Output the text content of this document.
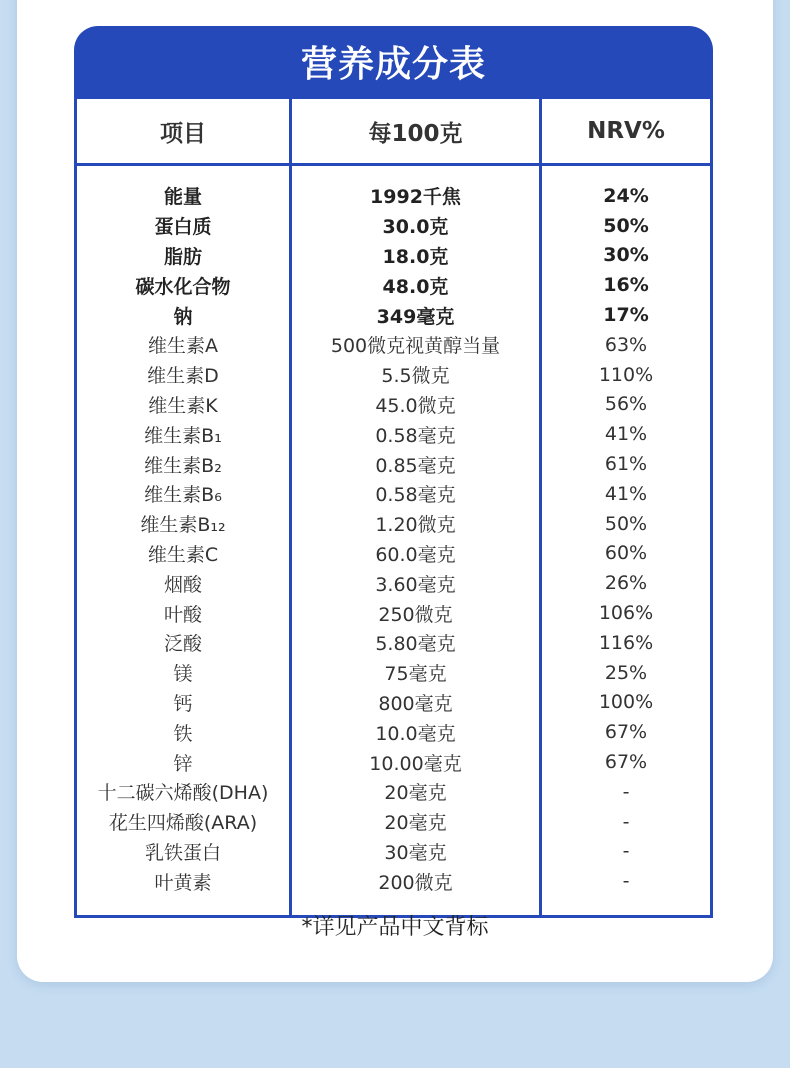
营养成分表
项目	每100克	NRV%
能量	1992千焦	24%
蛋白质	30.0克	50%
脂肪	18.0克	30%
碳水化合物	48.0克	16%
钠	349毫克	17%
维生素A	500微克视黄醇当量	63%
维生素D	5.5微克	110%
维生素K	45.0微克	56%
维生素B₁	0.58毫克	41%
维生素B₂	0.85毫克	61%
维生素B₆	0.58毫克	41%
维生素B₁₂	1.20微克	50%
维生素C	60.0毫克	60%
烟酸	3.60毫克	26%
叶酸	250微克	106%
泛酸	5.80毫克	116%
镁	75毫克	25%
钙	800毫克	100%
铁	10.0毫克	67%
锌	10.00毫克	67%
十二碳六烯酸(DHA)	20毫克	-
花生四烯酸(ARA)	20毫克	-
乳铁蛋白	30毫克	-
叶黄素	200微克	-
*详见产品中文背标
